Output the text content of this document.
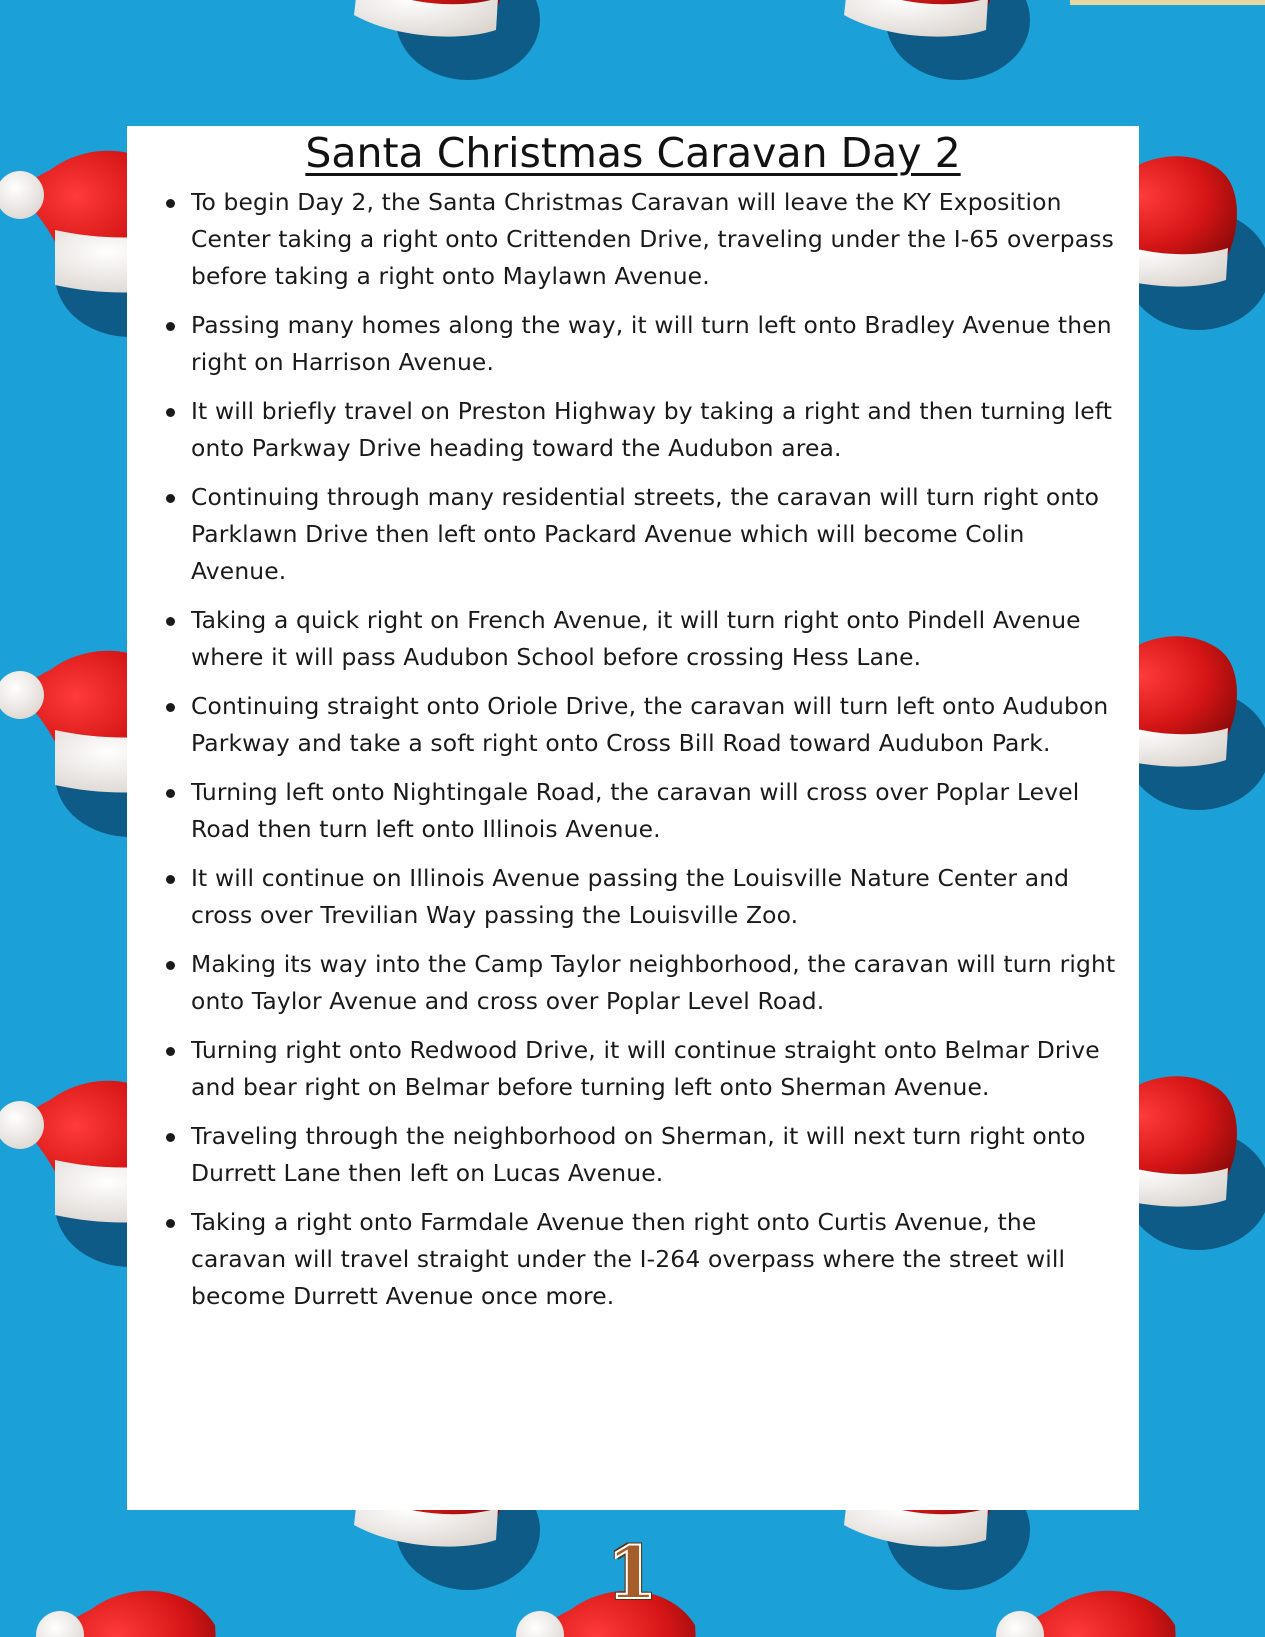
Santa Christmas Caravan Day 2
To begin Day 2, the Santa Christmas Caravan will leave the KY Exposition Center taking a right onto Crittenden Drive, traveling under the I-65 overpass before taking a right onto Maylawn Avenue.
Passing many homes along the way, it will turn left onto Bradley Avenue then right on Harrison Avenue.
It will briefly travel on Preston Highway by taking a right and then turning left onto Parkway Drive heading toward the Audubon area.
Continuing through many residential streets, the caravan will turn right onto Parklawn Drive then left onto Packard Avenue which will become Colin Avenue.
Taking a quick right on French Avenue, it will turn right onto Pindell Avenue where it will pass Audubon School before crossing Hess Lane.
Continuing straight onto Oriole Drive, the caravan will turn left onto Audubon Parkway and take a soft right onto Cross Bill Road toward Audubon Park.
Turning left onto Nightingale Road, the caravan will cross over Poplar Level Road then turn left onto Illinois Avenue.
It will continue on Illinois Avenue passing the Louisville Nature Center and cross over Trevilian Way passing the Louisville Zoo.
Making its way into the Camp Taylor neighborhood, the caravan will turn right onto Taylor Avenue and cross over Poplar Level Road.
Turning right onto Redwood Drive, it will continue straight onto Belmar Drive and bear right on Belmar before turning left onto Sherman Avenue.
Traveling through the neighborhood on Sherman, it will next turn right onto Durrett Lane then left on Lucas Avenue.
Taking a right onto Farmdale Avenue then right onto Curtis Avenue, the caravan will travel straight under the I-264 overpass where the street will become Durrett Avenue once more.
1
